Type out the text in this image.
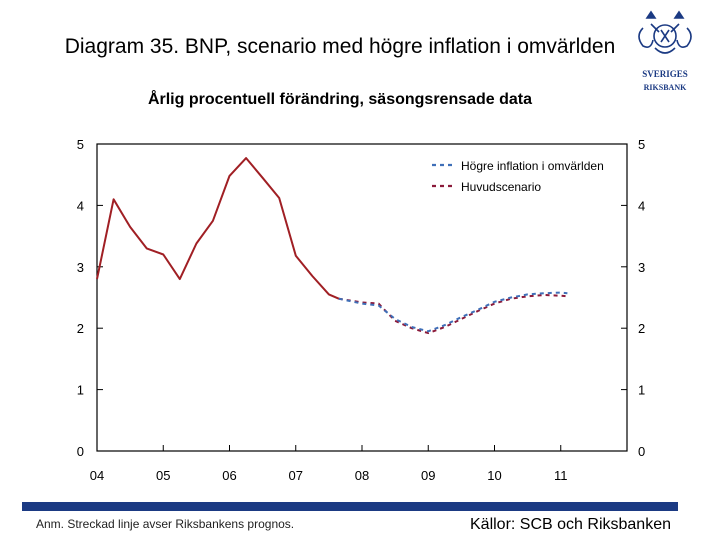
Diagram 35. BNP, scenario med högre inflation i omvärlden
Årlig procentuell förändring, säsongsrensade data
SVERIGES
RIKSBANK
0
1
2
3
4
5
0
1
2
3
4
5
04	05	06	07	08	09	10	11
Högre inflation i omvärlden
Huvudscenario
Anm. Streckad linje avser Riksbankens prognos.	Källor: SCB och Riksbanken
